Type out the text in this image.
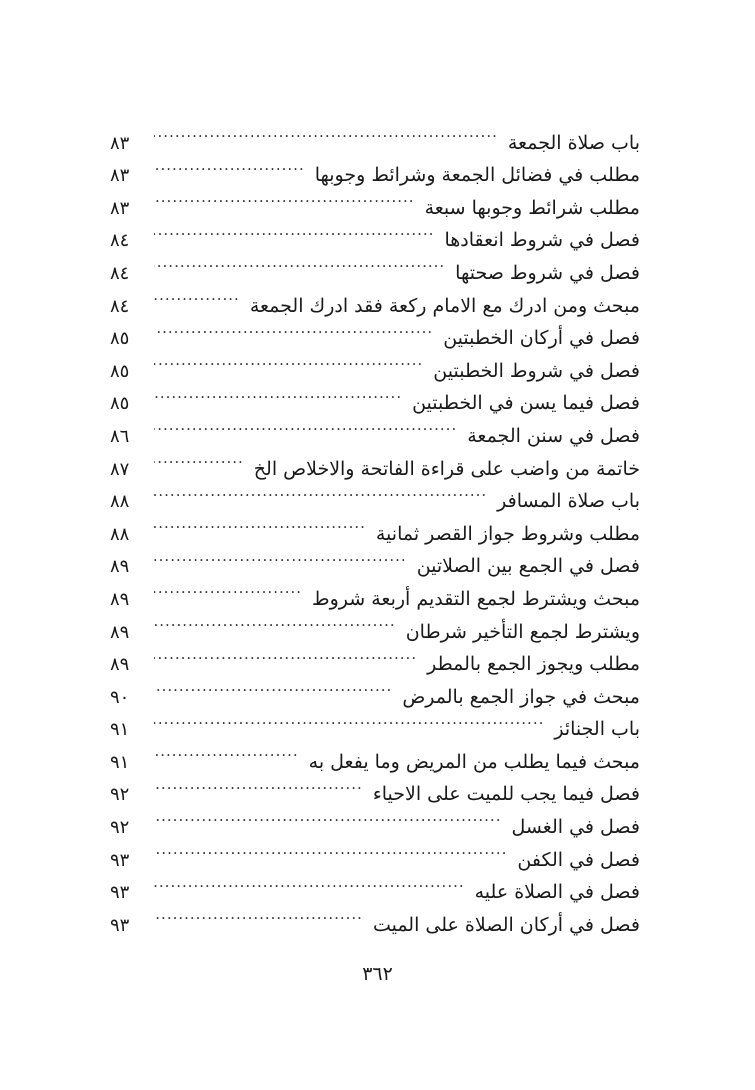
باب صلاة الجمعة
.....
٨٣
مطلب في فضائل الجمعة وشرائط وجوبها
.....
٨٣
مطلب شرائط وجوبها سبعة
.....
٨٣
فصل في شروط انعقادها
.....
٨٤
فصل في شروط صحتها
.....
٨٤
مبحث ومن ادرك مع الامام ركعة فقد ادرك الجمعة
.....
٨٤
فصل في أركان الخطبتين
.....
٨٥
فصل في شروط الخطبتين
.....
٨٥
فصل فيما يسن في الخطبتين
.....
٨٥
فصل في سنن الجمعة
.....
٨٦
خاتمة من واضب على قراءة الفاتحة والاخلاص الخ
.....
٨٧
باب صلاة المسافر
.....
٨٨
مطلب وشروط جواز القصر ثمانية
.....
٨٨
فصل في الجمع بين الصلاتين
.....
٨٩
مبحث ويشترط لجمع التقديم أربعة شروط
.....
٨٩
ويشترط لجمع التأخير شرطان
.....
٨٩
مطلب ويجوز الجمع بالمطر
.....
٨٩
مبحث في جواز الجمع بالمرض
.....
٩٠
باب الجنائز
.....
٩١
مبحث فيما يطلب من المريض وما يفعل به
.....
٩١
فصل فيما يجب للميت على الاحياء
.....
٩٢
فصل في الغسل
.....
٩٢
فصل في الكفن
.....
٩٣
فصل في الصلاة عليه
.....
٩٣
فصل في أركان الصلاة على الميت
.....
٩٣
٣٦٢
